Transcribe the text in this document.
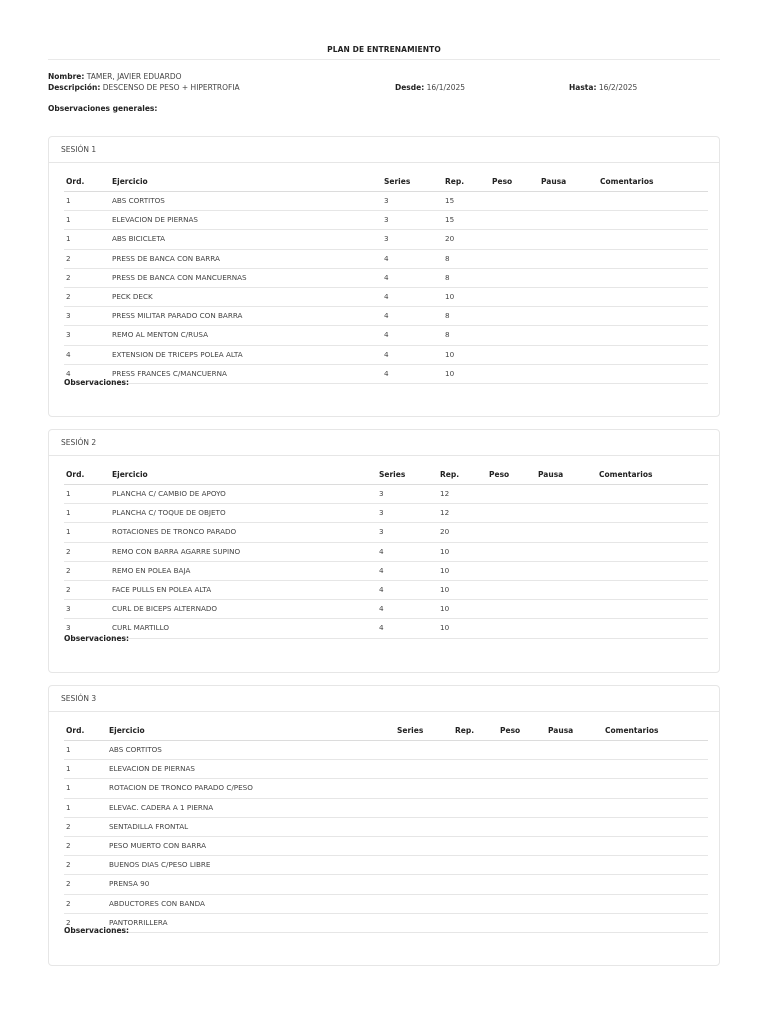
PLAN DE ENTRENAMIENTO
Nombre: TAMER, JAVIER EDUARDO
Descripción: DESCENSO DE PESO + HIPERTROFIA	Desde: 16/1/2025	Hasta: 16/2/2025
Observaciones generales:
SESIÓN 1
Ord.	Ejercicio	Series	Rep.	Peso	Pausa	Comentarios
1	ABS CORTITOS	3	15
1	ELEVACION DE PIERNAS	3	15
1	ABS BICICLETA	3	20
2	PRESS DE BANCA CON BARRA	4	8
2	PRESS DE BANCA CON MANCUERNAS	4	8
2	PECK DECK	4	10
3	PRESS MILITAR PARADO CON BARRA	4	8
3	REMO AL MENTON C/RUSA	4	8
4	EXTENSION DE TRICEPS POLEA ALTA	4	10
4	PRESS FRANCES C/MANCUERNA	4	10
Observaciones:
SESIÓN 2
Ord.	Ejercicio	Series	Rep.	Peso	Pausa	Comentarios
1	PLANCHA C/ CAMBIO DE APOYO	3	12
1	PLANCHA C/ TOQUE DE OBJETO	3	12
1	ROTACIONES DE TRONCO PARADO	3	20
2	REMO CON BARRA AGARRE SUPINO	4	10
2	REMO EN POLEA BAJA	4	10
2	FACE PULLS EN POLEA ALTA	4	10
3	CURL DE BICEPS ALTERNADO	4	10
3	CURL MARTILLO	4	10
Observaciones:
SESIÓN 3
Ord.	Ejercicio	Series	Rep.	Peso	Pausa	Comentarios
1	ABS CORTITOS
1	ELEVACION DE PIERNAS
1	ROTACION DE TRONCO PARADO C/PESO
1	ELEVAC. CADERA A 1 PIERNA
2	SENTADILLA FRONTAL
2	PESO MUERTO CON BARRA
2	BUENOS DIAS C/PESO LIBRE
2	PRENSA 90
2	ABDUCTORES CON BANDA
2	PANTORRILLERA
Observaciones:
